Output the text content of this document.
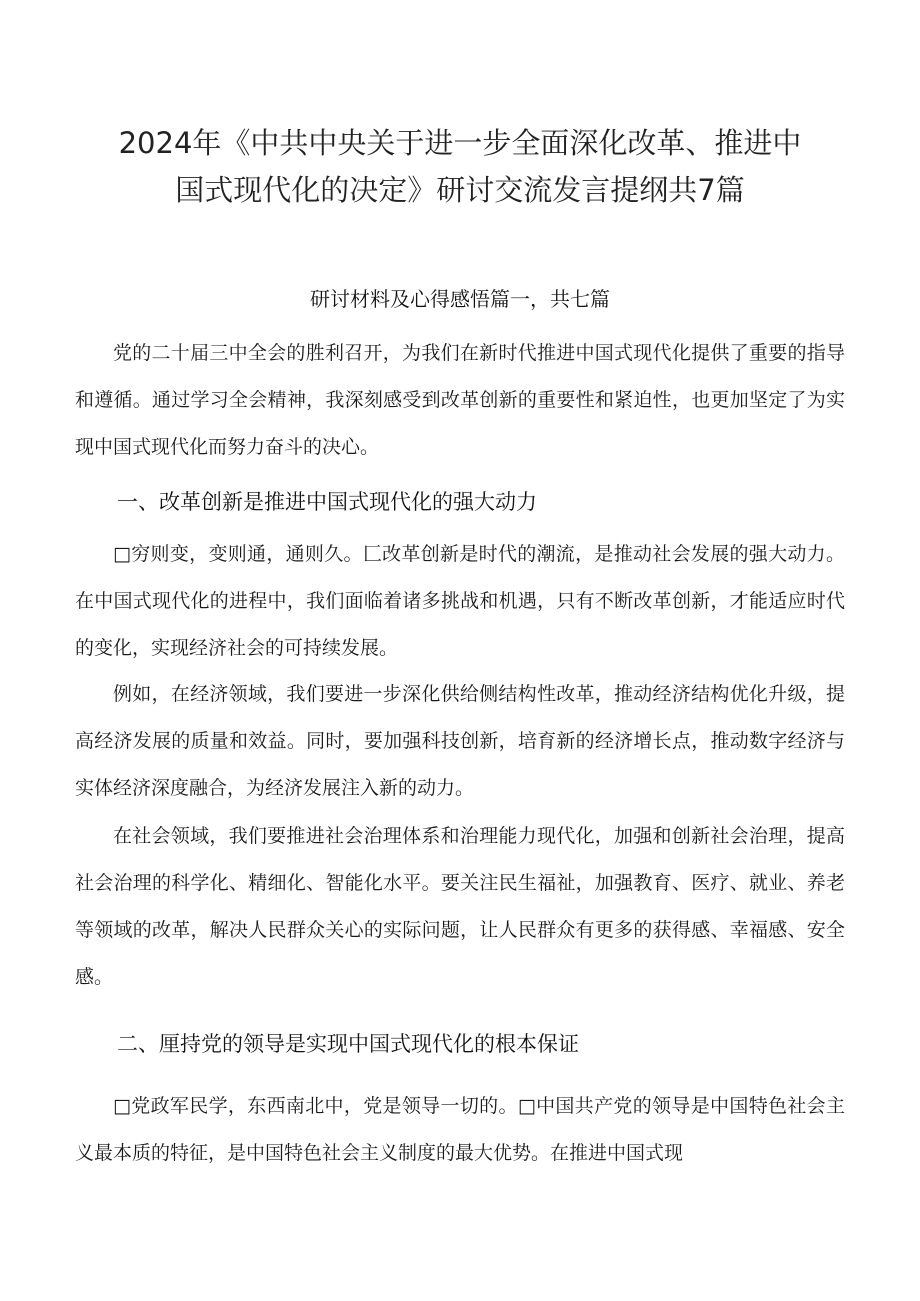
2024年《中共中央关于进一步全面深化改革、推进中
国式现代化的决定》研讨交流发言提纲共7篇
研讨材料及心得感悟篇一，共七篇

党的二十届三中全会的胜利召开，为我们在新时代推进中国式现代化提供了重要的指导和遵循。通过学习全会精神，我深刻感受到改革创新的重要性和紧迫性，也更加坚定了为实现中国式现代化而努力奋斗的决心。

一、改革创新是推进中国式现代化的强大动力

□穷则变，变则通，通则久。匚改革创新是时代的潮流，是推动社会发展的强大动力。在中国式现代化的进程中，我们面临着诸多挑战和机遇，只有不断改革创新，才能适应时代的变化，实现经济社会的可持续发展。

例如，在经济领域，我们要进一步深化供给侧结构性改革，推动经济结构优化升级，提高经济发展的质量和效益。同时，要加强科技创新，培育新的经济增长点，推动数字经济与实体经济深度融合，为经济发展注入新的动力。

在社会领域，我们要推进社会治理体系和治理能力现代化，加强和创新社会治理，提高社会治理的科学化、精细化、智能化水平。要关注民生福祉，加强教育、医疗、就业、养老等领域的改革，解决人民群众关心的实际问题，让人民群众有更多的获得感、幸福感、安全感。

二、厘持党的领导是实现中国式现代化的根本保证

□党政军民学，东西南北中，党是领导一切的。□中国共产党的领导是中国特色社会主义最本质的特征，是中国特色社会主义制度的最大优势。在推进中国式现
